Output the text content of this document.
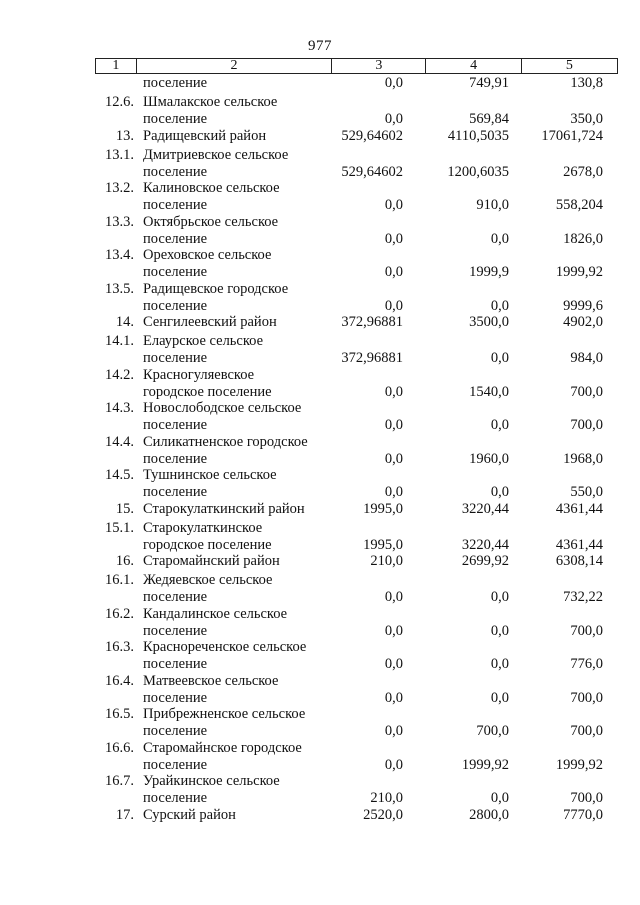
977
1	2	3	4	5
поселение	0,0	749,91	130,8
12.6. Шмалакское сельское
поселение	0,0	569,84	350,0
13. Радищевский район	529,64602	4110,5035	17061,724
13.1. Дмитриевское сельское
поселение	529,64602	1200,6035	2678,0
13.2. Калиновское сельское
поселение	0,0	910,0	558,204
13.3. Октябрьское сельское
поселение	0,0	0,0	1826,0
13.4. Ореховское сельское
поселение	0,0	1999,9	1999,92
13.5. Радищевское городское
поселение	0,0	0,0	9999,6
14. Сенгилеевский район	372,96881	3500,0	4902,0
14.1. Елаурское сельское
поселение	372,96881	0,0	984,0
14.2. Красногуляевское
городское поселение	0,0	1540,0	700,0
14.3. Новослободское сельское
поселение	0,0	0,0	700,0
14.4. Силикатненское городское
поселение	0,0	1960,0	1968,0
14.5. Тушнинское сельское
поселение	0,0	0,0	550,0
15. Старокулаткинский район	1995,0	3220,44	4361,44
15.1. Старокулаткинское
городское поселение	1995,0	3220,44	4361,44
16. Старомайнский район	210,0	2699,92	6308,14
16.1. Жедяевское сельское
поселение	0,0	0,0	732,22
16.2. Кандалинское сельское
поселение	0,0	0,0	700,0
16.3. Краснореченское сельское
поселение	0,0	0,0	776,0
16.4. Матвеевское сельское
поселение	0,0	0,0	700,0
16.5. Прибрежненское сельское
поселение	0,0	700,0	700,0
16.6. Старомайнское городское
поселение	0,0	1999,92	1999,92
16.7. Урайкинское сельское
поселение	210,0	0,0	700,0
17. Сурский район	2520,0	2800,0	7770,0
